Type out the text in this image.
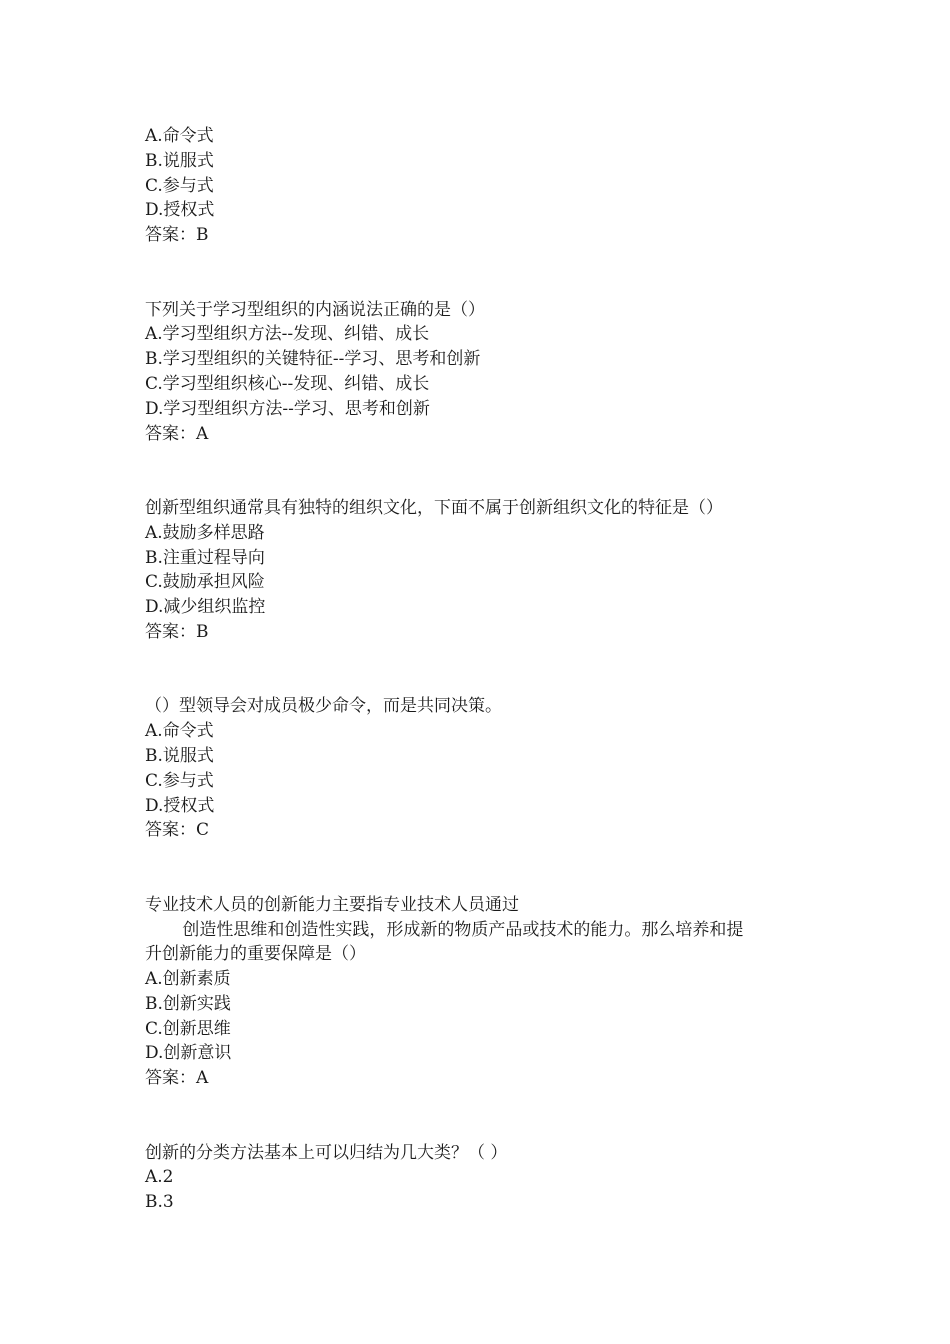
A.命令式
B.说服式
C.参与式
D.授权式
答案：B
下列关于学习型组织的内涵说法正确的是（）
A.学习型组织方法--发现、纠错、成长
B.学习型组织的关键特征--学习、思考和创新
C.学习型组织核心--发现、纠错、成长
D.学习型组织方法--学习、思考和创新
答案：A
创新型组织通常具有独特的组织文化，下面不属于创新组织文化的特征是（）
A.鼓励多样思路
B.注重过程导向
C.鼓励承担风险
D.减少组织监控
答案：B
（）型领导会对成员极少命令，而是共同决策。
A.命令式
B.说服式
C.参与式
D.授权式
答案：C
专业技术人员的创新能力主要指专业技术人员通过
创造性思维和创造性实践，形成新的物质产品或技术的能力。那么培养和提
升创新能力的重要保障是（）
A.创新素质
B.创新实践
C.创新思维
D.创新意识
答案：A
创新的分类方法基本上可以归结为几大类？（ ）
A.2
B.3
